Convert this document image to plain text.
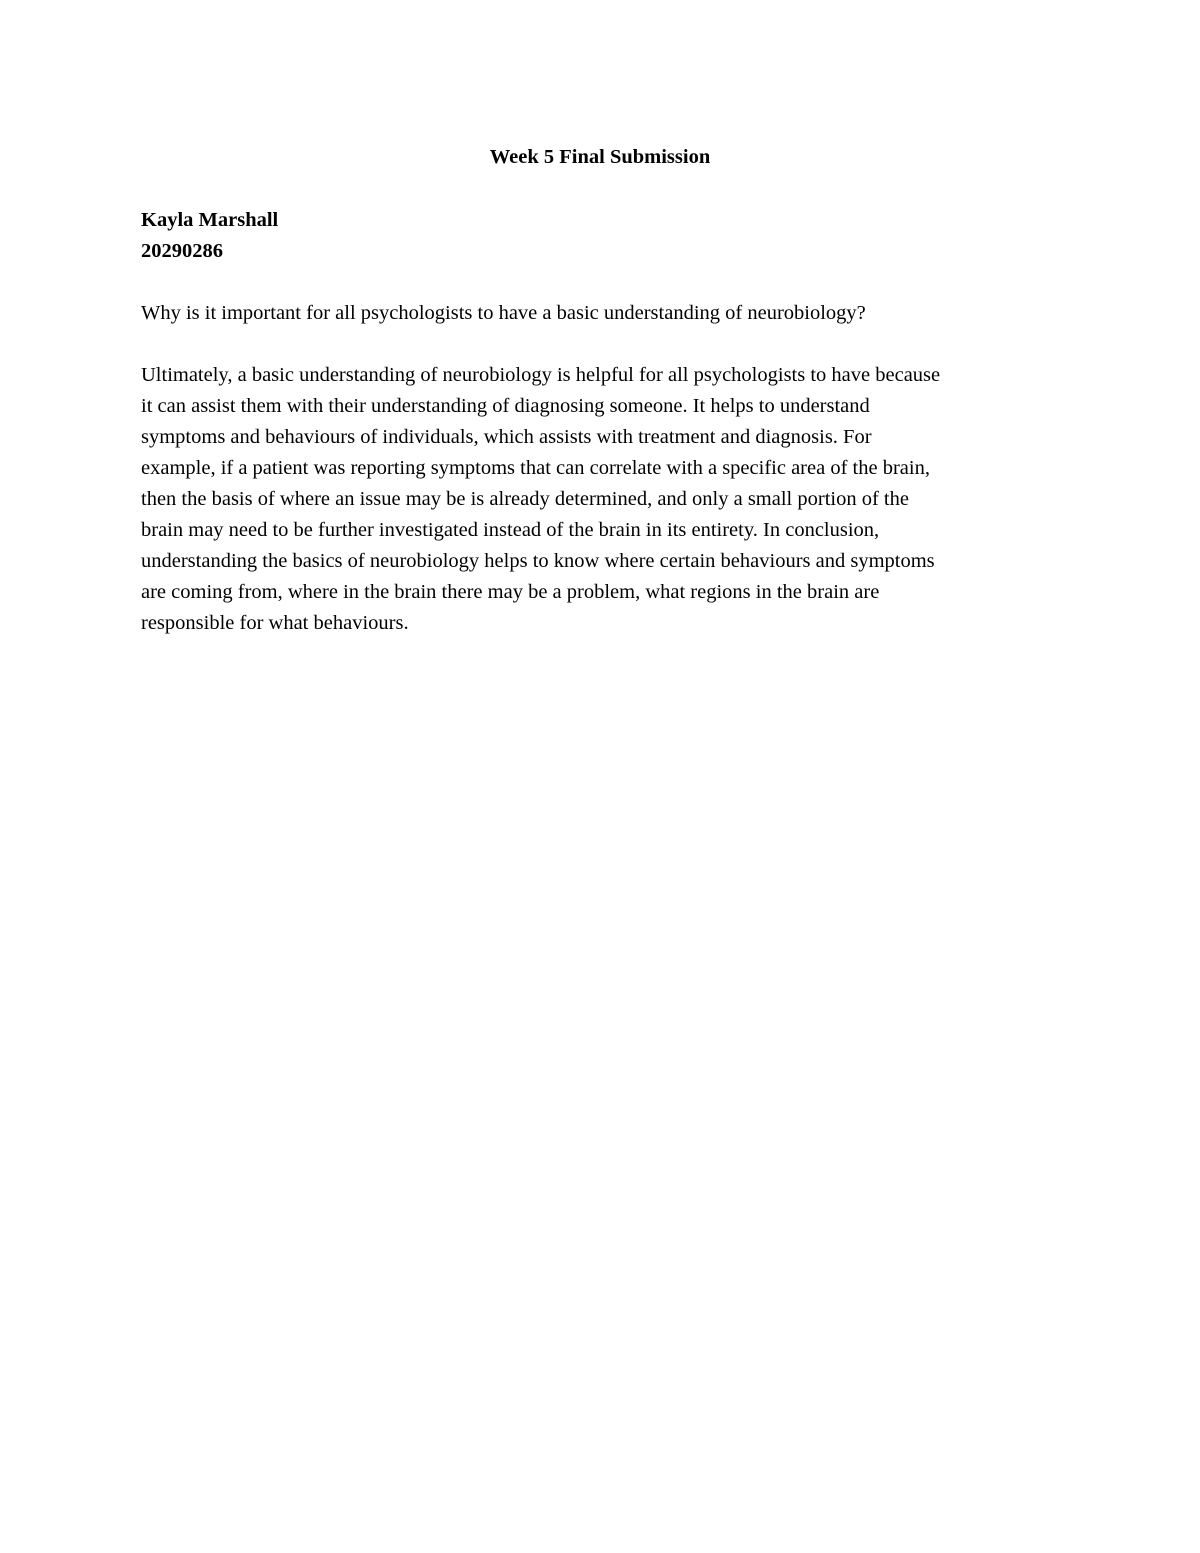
Week 5 Final Submission
Kayla Marshall
20290286

Why is it important for all psychologists to have a basic understanding of neurobiology?

Ultimately, a basic understanding of neurobiology is helpful for all psychologists to have because
it can assist them with their understanding of diagnosing someone. It helps to understand
symptoms and behaviours of individuals, which assists with treatment and diagnosis. For
example, if a patient was reporting symptoms that can correlate with a specific area of the brain,
then the basis of where an issue may be is already determined, and only a small portion of the
brain may need to be further investigated instead of the brain in its entirety. In conclusion,
understanding the basics of neurobiology helps to know where certain behaviours and symptoms
are coming from, where in the brain there may be a problem, what regions in the brain are
responsible for what behaviours.
